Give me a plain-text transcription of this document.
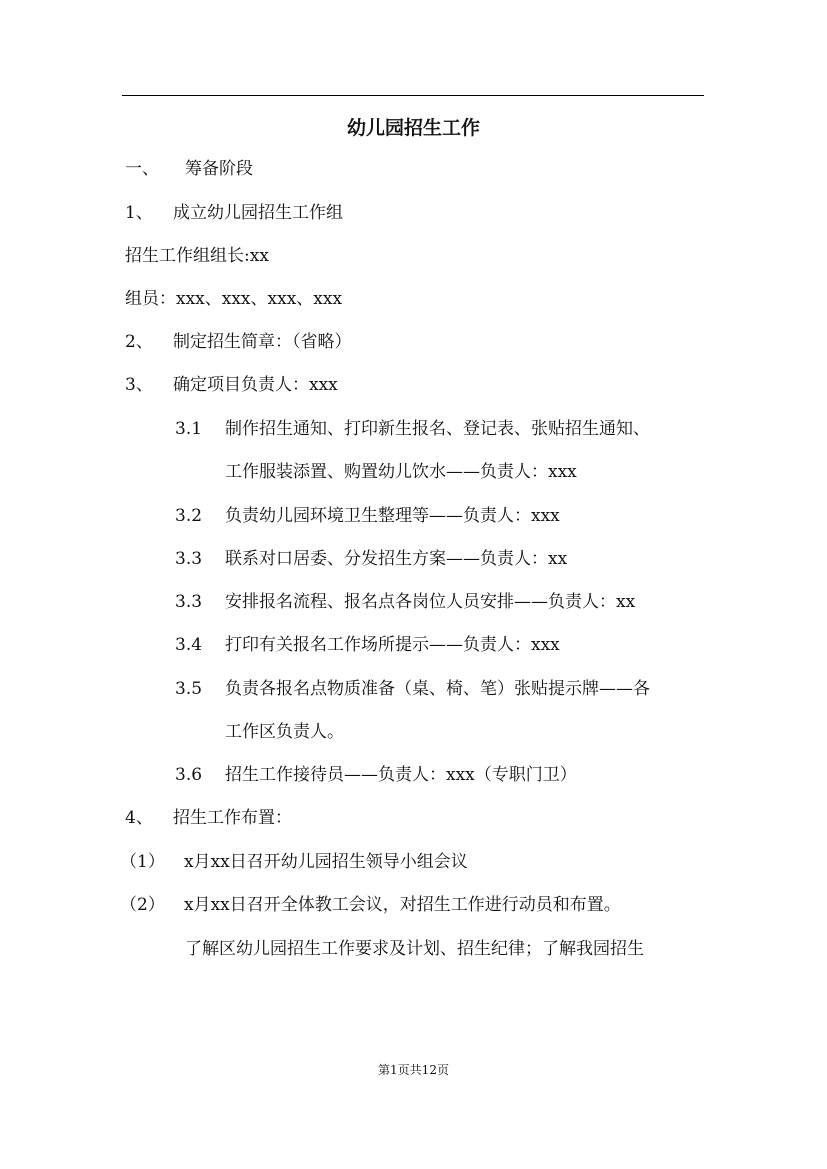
幼儿园招生工作
一、 筹备阶段
1、 成立幼儿园招生工作组
招生工作组组长:xx
组员：xxx、xxx、xxx、xxx
2、 制定招生简章：（省略）
3、 确定项目负责人：xxx
3.1 制作招生通知、打印新生报名、登记表、张贴招生通知、
工作服装添置、购置幼儿饮水——负责人：xxx
3.2 负责幼儿园环境卫生整理等——负责人：xxx
3.3 联系对口居委、分发招生方案——负责人：xx
3.3 安排报名流程、报名点各岗位人员安排——负责人：xx
3.4 打印有关报名工作场所提示——负责人：xxx
3.5 负责各报名点物质准备（桌、椅、笔）张贴提示牌——各
工作区负责人。
3.6 招生工作接待员——负责人：xxx（专职门卫）
4、 招生工作布置：
（1） x月xx日召开幼儿园招生领导小组会议
（2） x月xx日召开全体教工会议，对招生工作进行动员和布置。
了解区幼儿园招生工作要求及计划、招生纪律；了解我园招生
第1页共12页
